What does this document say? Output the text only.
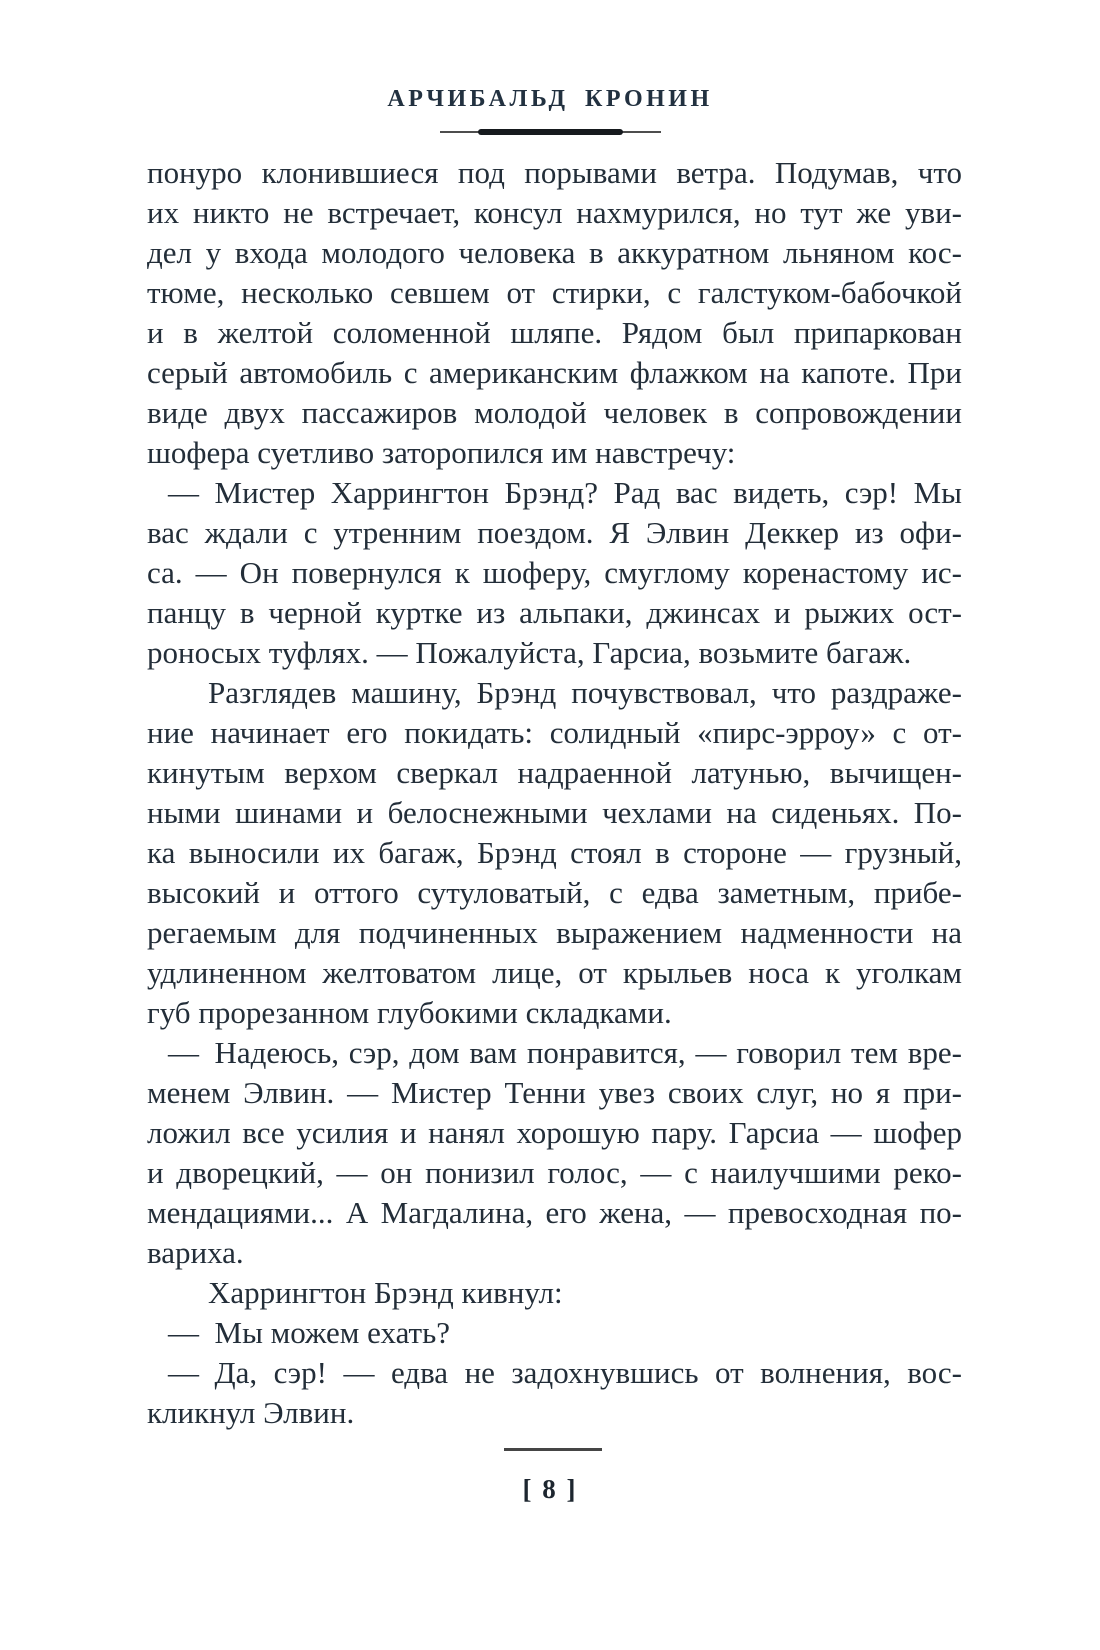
АРЧИБАЛЬД КРОНИН
понуро клонившиеся под порывами ветра. Подумав, что
их никто не встречает, консул нахмурился, но тут же уви-
дел у входа молодого человека в аккуратном льняном кос-
тюме, несколько севшем от стирки, с галстуком-бабочкой
и в желтой соломенной шляпе. Рядом был припаркован
серый автомобиль с американским флажком на капоте. При
виде двух пассажиров молодой человек в сопровождении
шофера суетливо заторопился им навстречу:
— Мистер Харрингтон Брэнд? Рад вас видеть, сэр! Мы
вас ждали с утренним поездом. Я Элвин Деккер из офи-
са. — Он повернулся к шоферу, смуглому коренастому ис-
панцу в черной куртке из альпаки, джинсах и рыжих ост-
роносых туфлях. — Пожалуйста, Гарсиа, возьмите багаж.
Разглядев машину, Брэнд почувствовал, что раздраже-
ние начинает его покидать: солидный «пирс-эрроу» с от-
кинутым верхом сверкал надраенной латунью, вычищен-
ными шинами и белоснежными чехлами на сиденьях. По-
ка выносили их багаж, Брэнд стоял в стороне — грузный,
высокий и оттого сутуловатый, с едва заметным, прибе-
регаемым для подчиненных выражением надменности на
удлиненном желтоватом лице, от крыльев носа к уголкам
губ прорезанном глубокими складками.
— Надеюсь, сэр, дом вам понравится, — говорил тем вре-
менем Элвин. — Мистер Тенни увез своих слуг, но я при-
ложил все усилия и нанял хорошую пару. Гарсиа — шофер
и дворецкий, — он понизил голос, — с наилучшими реко-
мендациями... А Магдалина, его жена, — превосходная по-
вариха.
Харрингтон Брэнд кивнул:
— Мы можем ехать?
— Да, сэр! — едва не задохнувшись от волнения, вос-
кликнул Элвин.
[ 8 ]
